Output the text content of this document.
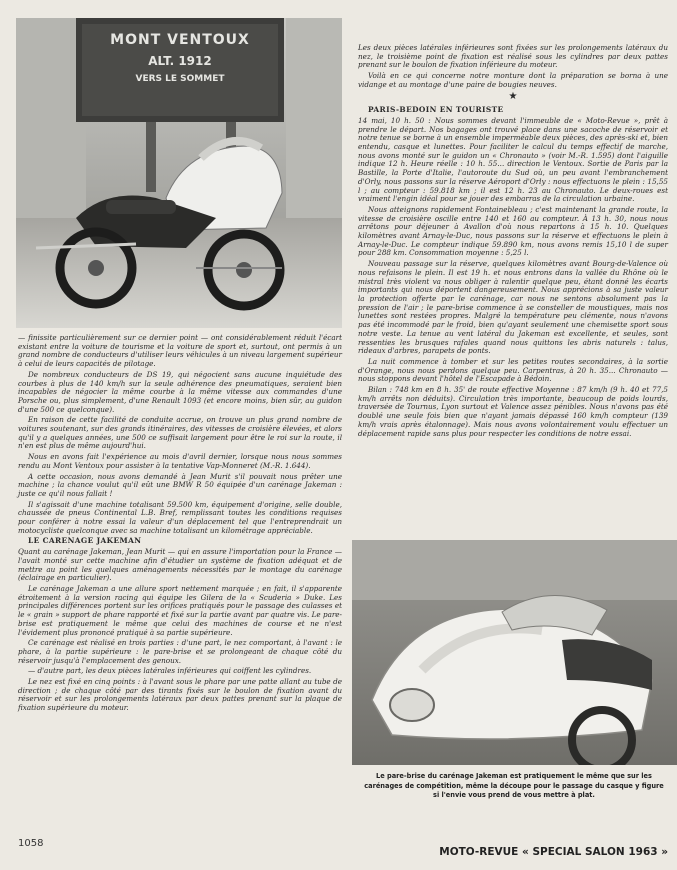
MONT VENTOUX
ALT. 1912
VERS LE SOMMET

Les deux pièces latérales inférieures sont fixées sur les prolongements latéraux du nez, le troisième point de fixation est réalisé sous les cylindres par deux pattes prenant sur le boulon de fixation inférieure du moteur.

Voilà en ce qui concerne notre monture dont la préparation se borna à une vidange et au montage d'une paire de bougies neuves.

★

PARIS-BEDOIN EN TOURISTE

14 mai, 10 h. 50 : Nous sommes devant l'immeuble de « Moto-Revue », prêt à prendre le départ. Nos bagages ont trouvé place dans une sacoche de réservoir et notre tenue se borne à un ensemble imperméable deux pièces, des après-ski et, bien entendu, casque et lunettes. Pour faciliter le calcul du temps effectif de marche, nous avons monté sur le guidon un « Chronauto » (voir M.-R. 1.595) dont l'aiguille indique 12 h. Heure réelle : 10 h. 55... direction le Ventoux. Sortie de Paris par la Bastille, la Porte d'Italie, l'autoroute du Sud où, un peu avant l'embranchement d'Orly, nous passons sur la réserve Aéroport d'Orly : nous effectuons le plein : 15,55 l ; au compteur : 59.818 km ; il est 12 h. 23 au Chronauto. Le deux-roues est vraiment l'engin idéal pour se jouer des embarras de la circulation urbaine.

Nous atteignons rapidement Fontainebleau ; c'est maintenant la grande route, la vitesse de croisière oscille entre 140 et 160 au compteur. À 13 h. 30, nous nous arrêtons pour déjeuner à Avallon d'où nous repartons à 15 h. 10. Quelques kilomètres avant Arnay-le-Duc, nous passons sur la réserve et effectuons le plein à Arnay-le-Duc. Le compteur indique 59.890 km, nous avons remis 15,10 l de super pour 288 km. Consommation moyenne : 5,25 l.

Nouveau passage sur la réserve, quelques kilomètres avant Bourg-de-Valence où nous refaisons le plein. Il est 19 h. et nous entrons dans la vallée du Rhône où le mistral très violent va nous obliger à ralentir quelque peu, étant donné les écarts importants qui nous déportent dangereusement. Nous apprécions à sa juste valeur la protection offerte par le carénage, car nous ne sentons absolument pas la pression de l'air ; le pare-brise commence à se consteller de moustiques, mais nos lunettes sont restées propres. Malgré la température peu clémente, nous n'avons pas été incommodé par le froid, bien qu'ayant seulement une chemisette sport sous notre veste. La tenue au vent latéral du Jakeman est excellente, et seules, sont ressenties les brusques rafales quand nous quittons les abris naturels : talus, rideaux d'arbres, parapets de ponts.

La nuit commence à tomber et sur les petites routes secondaires, à la sortie d'Orange, nous nous perdons quelque peu. Carpentras, à 20 h. 35... Chronauto — nous stoppons devant l'hôtel de l'Escapade à Bédoin.

Bilan : 748 km en 8 h. 35' de route effective Moyenne : 87 km/h (9 h. 40 et 77,5 km/h arrêts non déduits). Circulation très importante, beaucoup de poids lourds, traversée de Tournus, Lyon surtout et Valence assez pénibles. Nous n'avons pas été doublé une seule fois bien que n'ayant jamais dépassé 160 km/h compteur (139 km/h vrais après étalonnage). Mais nous avons volontairement voulu effectuer un déplacement rapide sans plus pour respecter les conditions de notre essai.

— finissite particulièrement sur ce dernier point — ont considérablement réduit l'écart existant entre la voiture de tourisme et la voiture de sport et, surtout, ont permis à un grand nombre de conducteurs d'utiliser leurs véhicules à un niveau largement supérieur à celui de leurs capacités de pilotage.

De nombreux conducteurs de DS 19, qui négocient sans aucune inquiétude des courbes à plus de 140 km/h sur la seule adhérence des pneumatiques, seraient bien incapables de négocier la même courbe à la même vitesse aux commandes d'une Porsche ou, plus simplement, d'une Renault 1093 (et encore moins, bien sûr, au guidon d'une 500 ce quelconque).

En raison de cette facilité de conduite accrue, on trouve un plus grand nombre de voitures soutenant, sur des grands itinéraires, des vitesses de croisière élevées, et alors qu'il y a quelques années, une 500 ce suffisait largement pour être le roi sur la route, il n'en est plus de même aujourd'hui.

Nous en avons fait l'expérience au mois d'avril dernier, lorsque nous nous sommes rendu au Mont Ventoux pour assister à la tentative Vap-Monneret (M.-R. 1.644).

A cette occasion, nous avons demandé à Jean Murit s'il pouvait nous prêter une machine ; la chance voulut qu'il eût une BMW R 50 équipée d'un carénage Jakeman : juste ce qu'il nous fallait !

Il s'agissait d'une machine totalisant 59.500 km, équipement d'origine, selle double, chaussée de pneus Continental L.B. Bref, remplissant toutes les conditions requises pour conférer à notre essai la valeur d'un déplacement tel que l'entreprendrait un motocycliste quelconque avec sa machine totalisant un kilométrage appréciable.

LE CARENAGE JAKEMAN

Quant au carénage Jakeman, Jean Murit — qui en assure l'importation pour la France — l'avait monté sur cette machine afin d'étudier un système de fixation adéquat et de mettre au point les quelques aménagements nécessités par le montage du carénage (éclairage en particulier).

Le carénage Jakeman a une allure sport nettement marquée ; en fait, il s'apparente étroitement à la version racing qui équipe les Gilera de la « Scuderia » Duke. Les principales différences portent sur les orifices pratiqués pour le passage des culasses et le « grain » support de phare rapporté et fixé sur la partie avant par quatre vis. Le pare-brise est pratiquement le même que celui des machines de course et ne n'est l'évidement plus prononcé pratiqué à sa partie supérieure.

Ce carénage est réalisé en trois parties : d'une part, le nez comportant, à l'avant : le phare, à la partie supérieure : le pare-brise et se prolongeant de chaque côté du réservoir jusqu'à l'emplacement des genoux.

— d'autre part, les deux pièces latérales inférieures qui coiffent les cylindres.

Le nez est fixé en cinq points : à l'avant sous le phare par une patte allant au tube de direction ; de chaque côté par des tirants fixés sur le boulon de fixation avant du réservoir et sur les prolongements latéraux par deux pattes prenant sur la plaque de fixation supérieure du moteur.

Le pare-brise du carénage Jakeman est pratiquement le même que sur les carénages de compétition, même la découpe pour le passage du casque y figure si l'envie vous prend de vous mettre à plat.
1058
MOTO-REVUE « SPECIAL SALON 1963 »
